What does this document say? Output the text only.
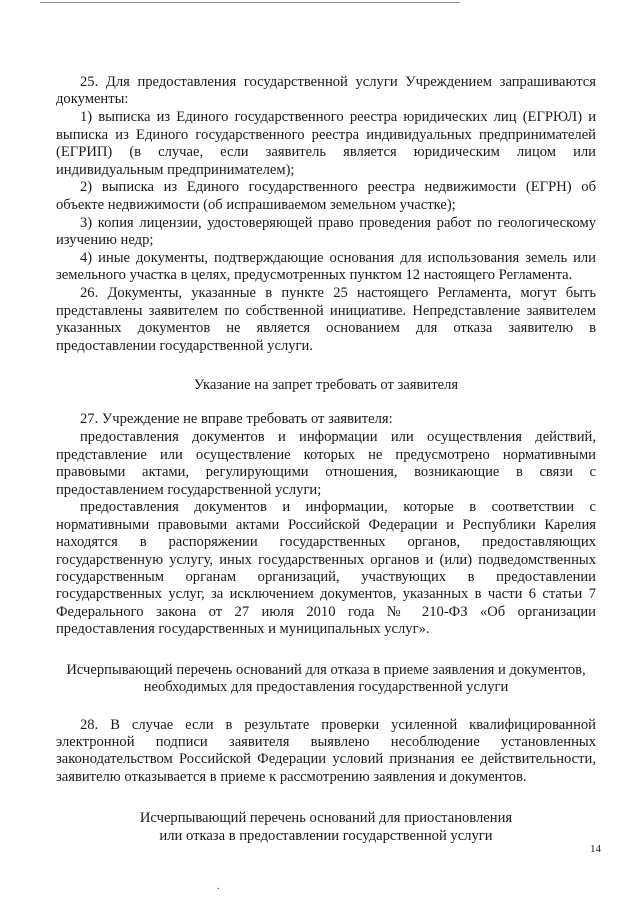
25. Для предоставления государственной услуги Учреждением запрашиваются документы:

1) выписка из Единого государственного реестра юридических лиц (ЕГРЮЛ) и выписка из Единого государственного реестра индивидуальных предпринимателей (ЕГРИП) (в случае, если заявитель является юридическим лицом или индивидуальным предпринимателем);

2) выписка из Единого государственного реестра недвижимости (ЕГРН) об объекте недвижимости (об испрашиваемом земельном участке);

3) копия лицензии, удостоверяющей право проведения работ по геологическому изучению недр;

4) иные документы, подтверждающие основания для использования земель или земельного участка в целях, предусмотренных пунктом 12 настоящего Регламента.

26. Документы, указанные в пункте 25 настоящего Регламента, могут быть представлены заявителем по собственной инициативе. Непредставление заявителем указанных документов не является основанием для отказа заявителю в предоставлении государственной услуги.

Указание на запрет требовать от заявителя

27. Учреждение не вправе требовать от заявителя:

предоставления документов и информации или осуществления действий, представление или осуществление которых не предусмотрено нормативными правовыми актами, регулирующими отношения, возникающие в связи с предоставлением государственной услуги;

предоставления документов и информации, которые в соответствии с нормативными правовыми актами Российской Федерации и Республики Карелия находятся в распоряжении государственных органов, предоставляющих государственную услугу, иных государственных органов и (или) подведомственных государственным органам организаций, участвующих в предоставлении государственных услуг, за исключением документов, указанных в части 6 статьи 7 Федерального закона от 27 июля 2010 года № 210-ФЗ «Об организации предоставления государственных и муниципальных услуг».

Исчерпывающий перечень оснований для отказа в приеме заявления и документов,
необходимых для предоставления государственной услуги

28. В случае если в результате проверки усиленной квалифицированной электронной подписи заявителя выявлено несоблюдение установленных законодательством Российской Федерации условий признания ее действительности, заявителю отказывается в приеме к рассмотрению заявления и документов.

Исчерпывающий перечень оснований для приостановления
или отказа в предоставлении государственной услуги

14
.
